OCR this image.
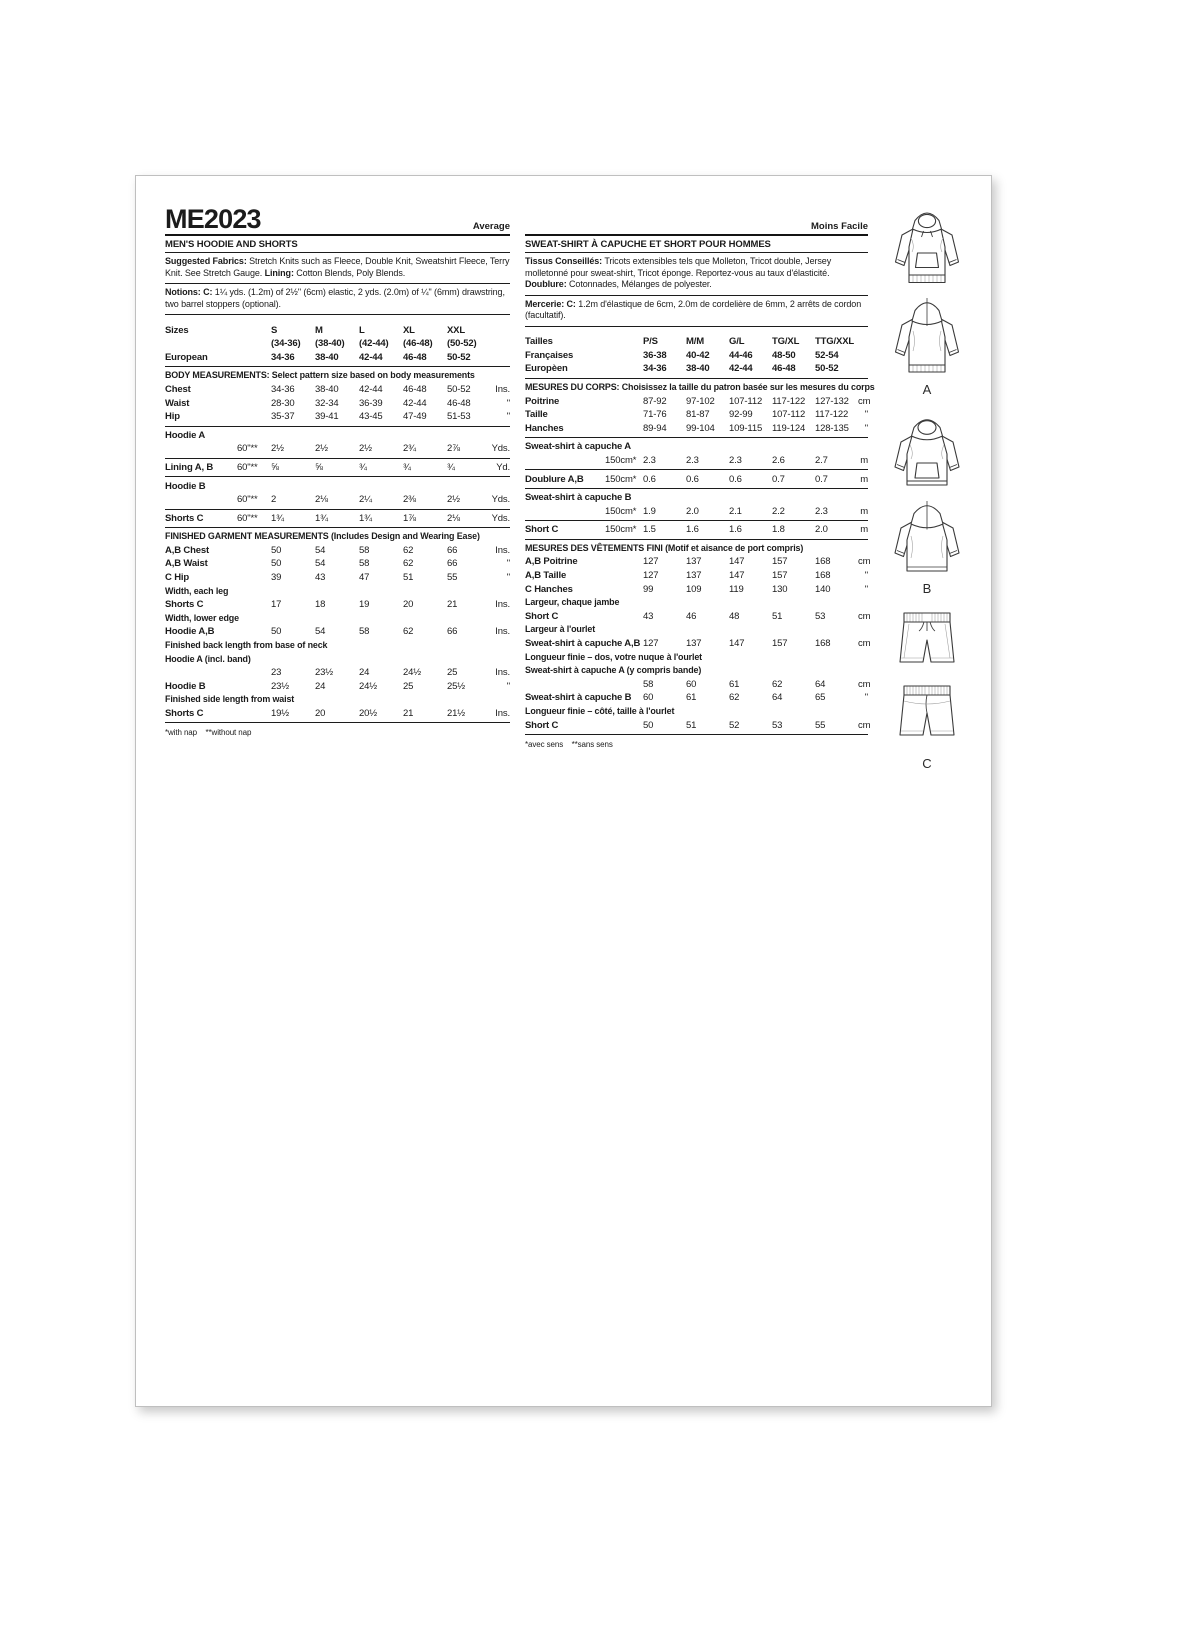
ME2023	Average
MEN'S HOODIE AND SHORTS

Suggested Fabrics: Stretch Knits such as Fleece, Double Knit, Sweatshirt Fleece, Terry Knit. See Stretch Gauge. Lining: Cotton Blends, Poly Blends.

Notions: C: 1¼ yds. (1.2m) of 2½" (6cm) elastic, 2 yds. (2.0m) of ¼" (6mm) drawstring, two barrel stoppers (optional).

Sizes	S	M	L	XL	XXL
(34-36)	(38-40)	(42-44)	(46-48)	(50-52)
European	34-36	38-40	42-44	46-48	50-52
BODY MEASUREMENTS: Select pattern size based on body measurements
Chest	34-36	38-40	42-44	46-48	50-52	Ins.
Waist	28-30	32-34	36-39	42-44	46-48	"
Hip	35-37	39-41	43-45	47-49	51-53	"
Hoodie A
60"**	2½	2½	2½	2¾	2⅞	Yds.
Lining A, B	60"**	⅝	⅝	¾	¾	¾	Yd.
Hoodie B
60"**	2	2⅛	2¼	2⅜	2½	Yds.
Shorts C	60"**	1¾	1¾	1¾	1⅞	2⅛	Yds.
FINISHED GARMENT MEASUREMENTS (Includes Design and Wearing Ease)
A,B Chest	50	54	58	62	66	Ins.
A,B Waist	50	54	58	62	66	"
C Hip	39	43	47	51	55	"
Width, each leg
Shorts C	17	18	19	20	21	Ins.
Width, lower edge
Hoodie A,B	50	54	58	62	66	Ins.
Finished back length from base of neck
Hoodie A (incl. band)
23	23½	24	24½	25	Ins.
Hoodie B	23½	24	24½	25	25½	"
Finished side length from waist
Shorts C	19½	20	20½	21	21½	Ins.
*with nap    **without nap
Moins Facile
SWEAT-SHIRT À CAPUCHE ET SHORT POUR HOMMES

Tissus Conseillés: Tricots extensibles tels que Molleton, Tricot double, Jersey molletonné pour sweat-shirt, Tricot éponge. Reportez-vous au taux d'élasticité. Doublure: Cotonnades, Mélanges de polyester.

Mercerie: C: 1.2m d'élastique de 6cm, 2.0m de cordelière de 6mm, 2 arrêts de cordon (facultatif).

Tailles	P/S	M/M	G/L	TG/XL	TTG/XXL
Françaises	36-38	40-42	44-46	48-50	52-54
Europèen	34-36	38-40	42-44	46-48	50-52
MESURES DU CORPS: Choisissez la taille du patron basée sur les mesures du corps
Poitrine	87-92	97-102	107-112	117-122	127-132 cm
Taille	71-76	81-87	92-99	107-112	117-122	"
Hanches	89-94	99-104	109-115	119-124	128-135	"
Sweat-shirt à capuche A
150cm* 2.3	2.3	2.3	2.6	2.7	m
Doublure A,B	150cm* 0.6	0.6	0.6	0.7	0.7	m
Sweat-shirt à capuche B
150cm* 1.9	2.0	2.1	2.2	2.3	m
Short C	150cm* 1.5	1.6	1.6	1.8	2.0	m
MESURES DES VÊTEMENTS FINI (Motif et aisance de port compris)
A,B Poitrine	127	137	147	157	168	cm
A,B Taille	127	137	147	157	168	"
C Hanches	99	109	119	130	140	"
Largeur, chaque jambe
Short C	43	46	48	51	53	cm
Largeur à l'ourlet
Sweat-shirt à capuche A,B 127	137	147	157	168	cm
Longueur finie – dos, votre nuque à l'ourlet
Sweat-shirt à capuche A (y compris bande)
58	60	61	62	64	cm
Sweat-shirt à capuche B 60	61	62	64	65	"
Longueur finie – côté, taille à l'ourlet
Short C	50	51	52	53	55	cm
*avec sens    **sans sens
A
B
C
